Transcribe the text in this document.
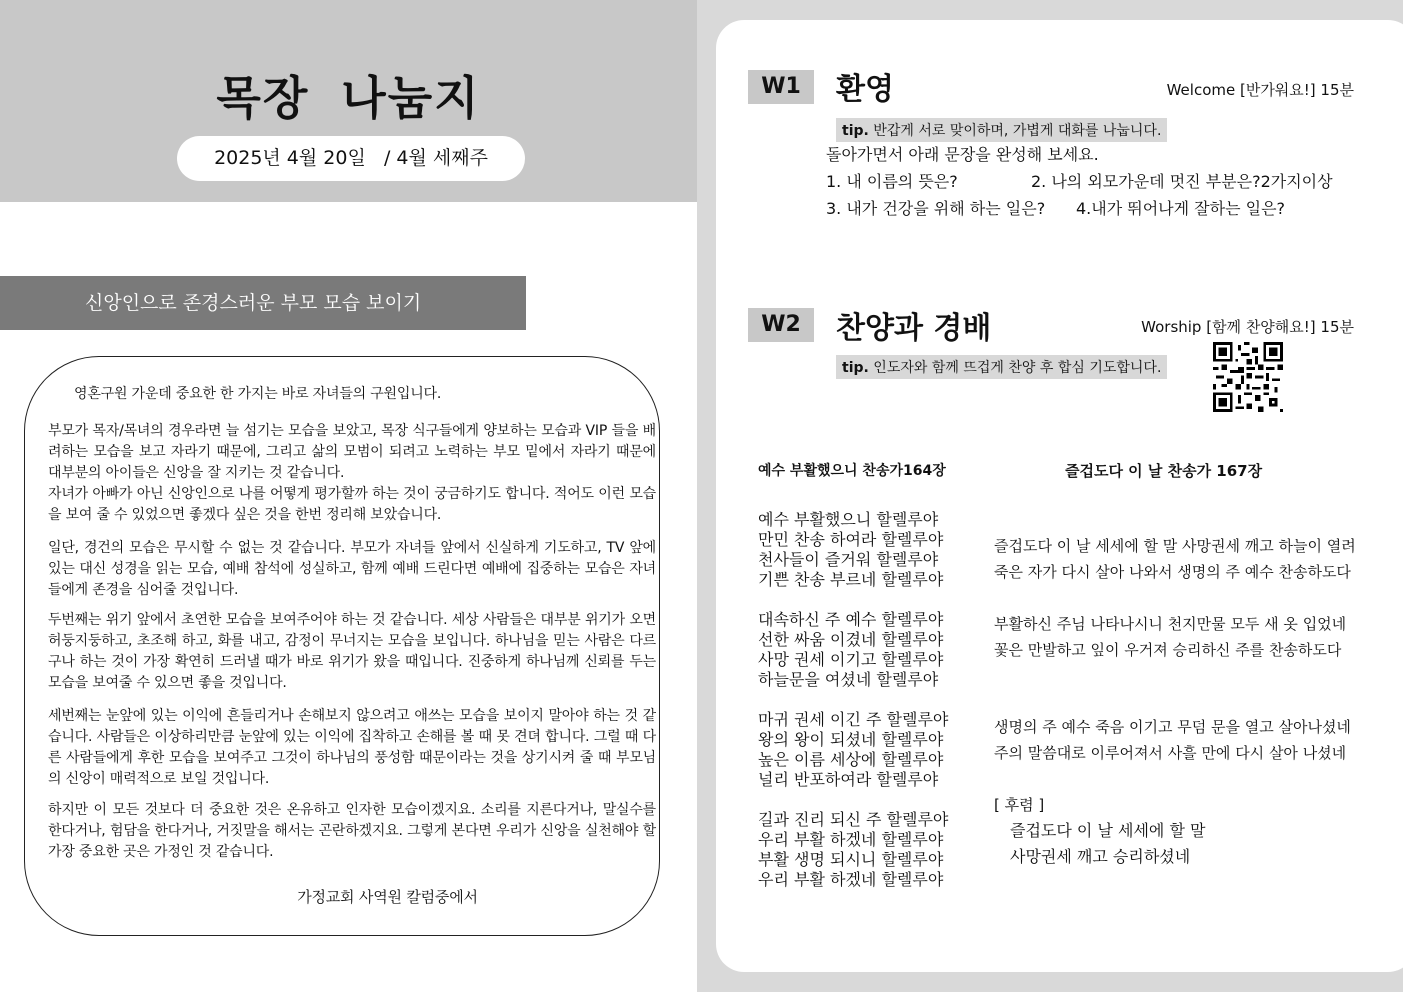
목장 나눔지
2025년 4월 20일   / 4월 세째주
신앙인으로 존경스러운 부모 모습 보이기
영혼구원 가운데 중요한 한 가지는 바로 자녀들의 구원입니다.

부모가 목자/목녀의 경우라면 늘 섬기는 모습을 보았고, 목장 식구들에게 양보하는 모습과 VIP 들을 배려하는 모습을 보고 자라기 때문에, 그리고 삶의 모범이 되려고 노력하는 부모 밑에서 자라기 때문에 대부분의 아이들은 신앙을 잘 지키는 것 같습니다.

자녀가 아빠가 아닌 신앙인으로 나를 어떻게 평가할까 하는 것이 궁금하기도 합니다. 적어도 이런 모습을 보여 줄 수 있었으면 좋겠다 싶은 것을 한번 정리해 보았습니다.

일단, 경건의 모습은 무시할 수 없는 것 같습니다. 부모가 자녀들 앞에서 신실하게 기도하고, TV 앞에 있는 대신 성경을 읽는 모습, 예배 참석에 성실하고, 함께 예배 드린다면 예배에 집중하는 모습은 자녀들에게 존경을 심어줄 것입니다.

두번째는 위기 앞에서 초연한 모습을 보여주어야 하는 것 같습니다. 세상 사람들은 대부분 위기가 오면 허둥지둥하고, 초조해 하고, 화를 내고, 감정이 무너지는 모습을 보입니다. 하나님을 믿는 사람은 다르구나 하는 것이 가장 확연히 드러낼 때가 바로 위기가 왔을 때입니다. 진중하게 하나님께 신뢰를 두는 모습을 보여줄 수 있으면 좋을 것입니다.

세번째는 눈앞에 있는 이익에 흔들리거나 손해보지 않으려고 애쓰는 모습을 보이지 말아야 하는 것 같습니다. 사람들은 이상하리만큼 눈앞에 있는 이익에 집착하고 손해를 볼 때 못 견뎌 합니다. 그럴 때 다른 사람들에게 후한 모습을 보여주고 그것이 하나님의 풍성함 때문이라는 것을 상기시켜 줄 때 부모님의 신앙이 매력적으로 보일 것입니다.

하지만 이 모든 것보다 더 중요한 것은 온유하고 인자한 모습이겠지요. 소리를 지른다거나, 말실수를 한다거나, 험담을 한다거나, 거짓말을 해서는 곤란하겠지요. 그렇게 본다면 우리가 신앙을 실천해야 할 가장 중요한 곳은 가정인 것 같습니다.

가정교회 사역원 칼럼중에서
W1	환영	Welcome [반가워요!] 15분
tip. 반갑게 서로 맞이하며, 가볍게 대화를 나눕니다.
돌아가면서 아래 문장을 완성해 보세요.
1. 내 이름의 뜻은?	2. 나의 외모가운데 멋진 부분은?2가지이상
3. 내가 건강을 위해 하는 일은? 4.내가 뛰어나게 잘하는 일은?
W2	찬양과 경배	Worship [함께 찬양해요!] 15분
tip. 인도자와 함께 뜨겁게 찬양 후 합심 기도합니다.
예수 부활했으니 찬송가164장
예수 부활했으니 할렐루야
만민 찬송 하여라 할렐루야
천사들이 즐거워 할렐루야
기쁜 찬송 부르네 할렐루야
대속하신 주 예수 할렐루야
선한 싸움 이겼네 할렐루야
사망 권세 이기고 할렐루야
하늘문을 여셨네 할렐루야
마귀 권세 이긴 주 할렐루야
왕의 왕이 되셨네 할렐루야
높은 이름 세상에 할렐루야
널리 반포하여라 할렐루야
길과 진리 되신 주 할렐루야
우리 부활 하겠네 할렐루야
부활 생명 되시니 할렐루야
우리 부활 하겠네 할렐루야
즐겁도다 이 날 찬송가 167장
즐겁도다 이 날 세세에 할 말 사망권세 깨고 하늘이 열려
죽은 자가 다시 살아 나와서 생명의 주 예수 찬송하도다
부활하신 주님 나타나시니 천지만물 모두 새 옷 입었네
꽃은 만발하고 잎이 우거져 승리하신 주를 찬송하도다
생명의 주 예수 죽음 이기고 무덤 문을 열고 살아나셨네
주의 말씀대로 이루어져서 사흘 만에 다시 살아 나셨네
[ 후렴 ]
즐겁도다 이 날 세세에 할 말
사망권세 깨고 승리하셨네
